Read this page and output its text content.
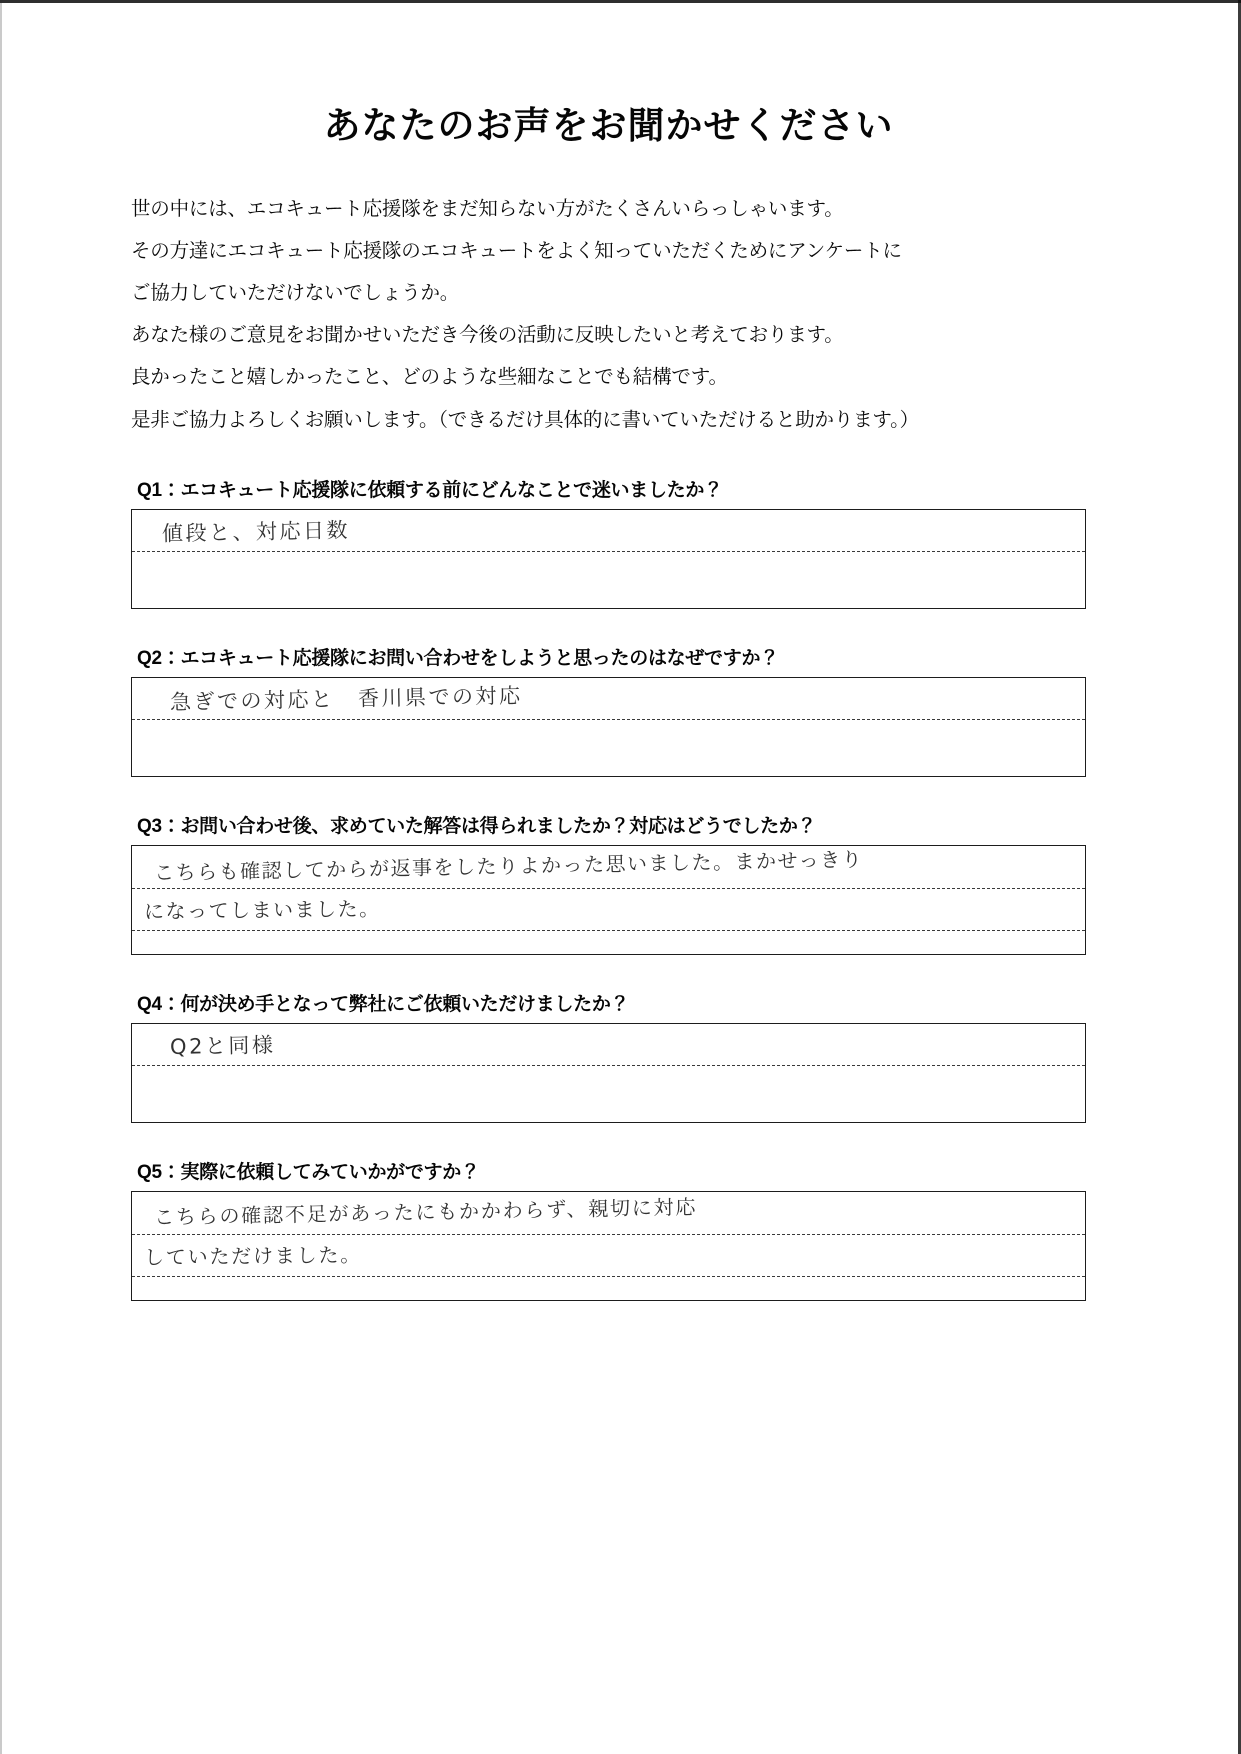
あなたのお声をお聞かせください

世の中には、エコキュート応援隊をまだ知らない方がたくさんいらっしゃいます。

その方達にエコキュート応援隊のエコキュートをよく知っていただくためにアンケートに

ご協力していただけないでしょうか。

あなた様のご意見をお聞かせいただき今後の活動に反映したいと考えております。

良かったこと嬉しかったこと、どのような些細なことでも結構です。

是非ご協力よろしくお願いします。（できるだけ具体的に書いていただけると助かります。）

Q1：エコキュート応援隊に依頼する前にどんなことで迷いましたか？
値段と、対応日数
Q2：エコキュート応援隊にお問い合わせをしようと思ったのはなぜですか？
急ぎでの対応と　香川県での対応
Q3：お問い合わせ後、求めていた解答は得られましたか？対応はどうでしたか？
こちらも確認してからが返事をしたりよかった思いました。まかせっきり
になってしまいました。
Q4：何が決め手となって弊社にご依頼いただけましたか？
Q2と同様
Q5：実際に依頼してみていかがですか？
こちらの確認不足があったにもかかわらず、親切に対応
していただけました。
